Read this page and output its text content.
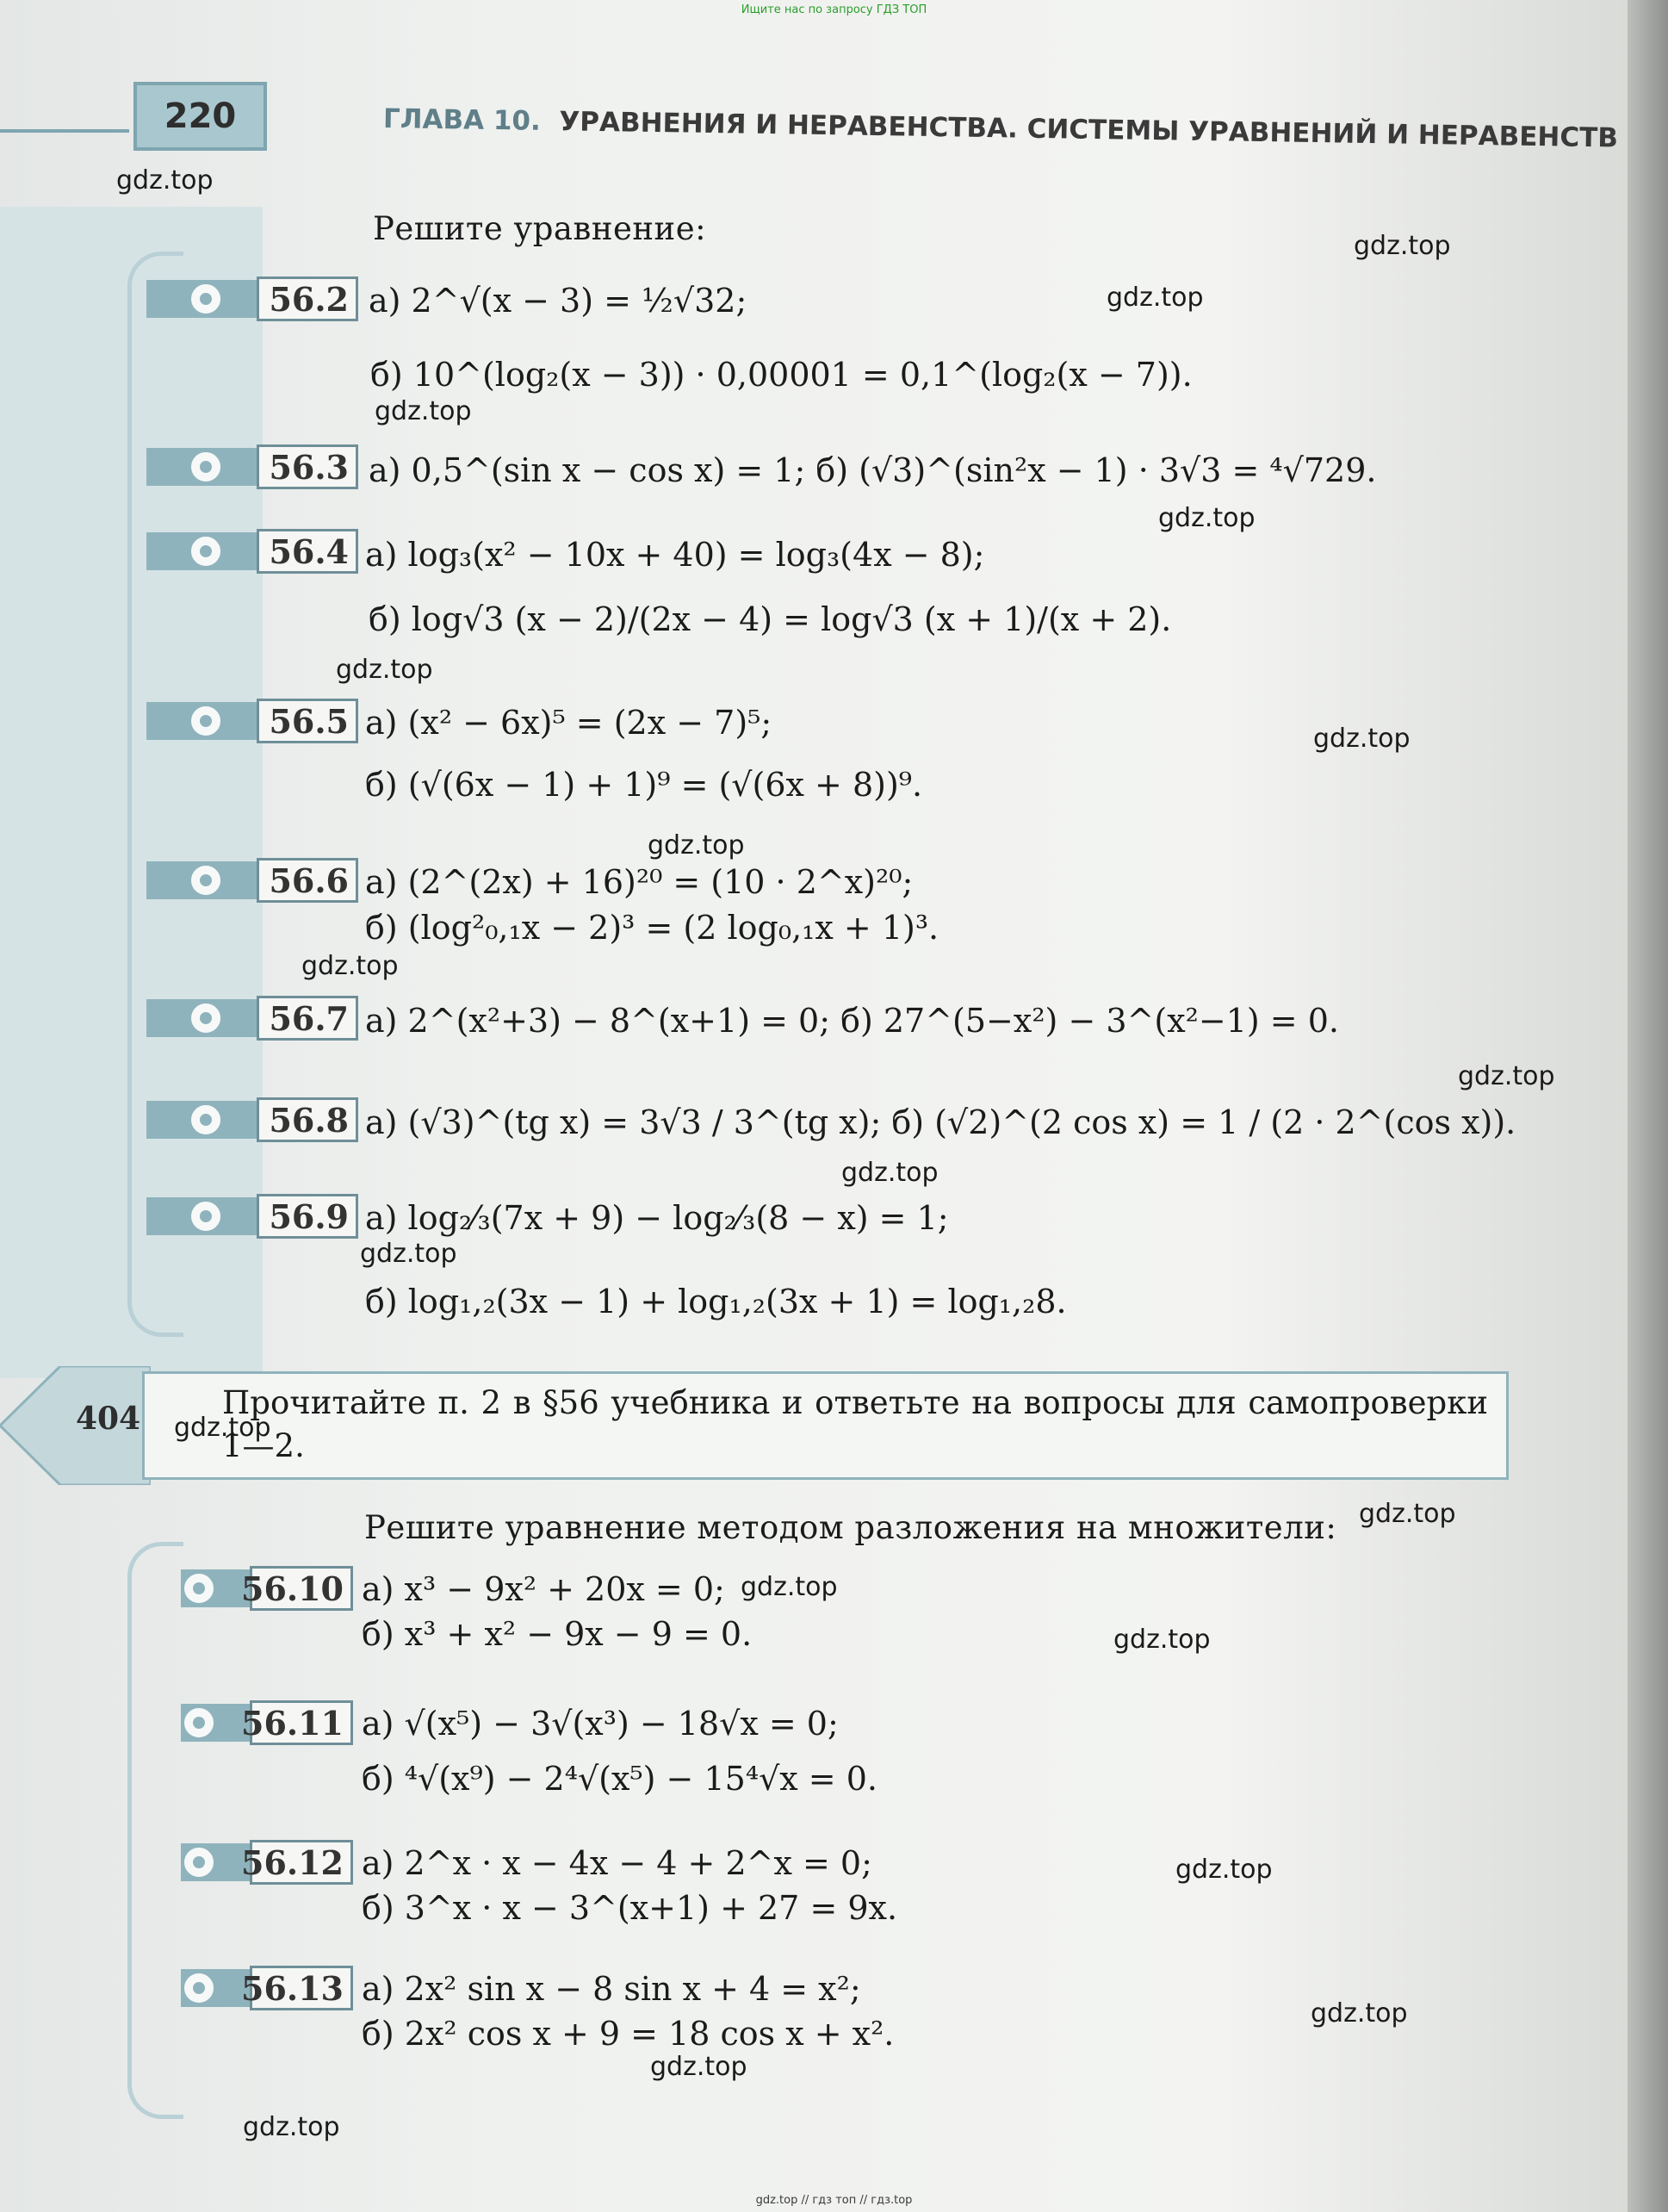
Ищите нас по запросу ГДЗ ТОП
220	ГЛАВА 10. УРАВНЕНИЯ И НЕРАВЕНСТВА. СИСТЕМЫ УРАВНЕНИЙ И НЕРАВЕНСТВ
Решите уравнение:
56.2 а) 2^√(x − 3) = ½√32;
б) 10^(log₂(x − 3)) · 0,00001 = 0,1^(log₂(x − 7)).
56.3 а) 0,5^(sin x − cos x) = 1; б) (√3)^(sin²x − 1) · 3√3 = ⁴√729.
56.4 а) log₃(x² − 10x + 40) = log₃(4x − 8);
б) log√3 (x − 2)/(2x − 4) = log√3 (x + 1)/(x + 2).
56.5 а) (x² − 6x)⁵ = (2x − 7)⁵;
б) (√(6x − 1) + 1)⁹ = (√(6x + 8))⁹.
56.6 а) (2^(2x) + 16)²⁰ = (10 · 2^x)²⁰;
б) (log²₀,₁x − 2)³ = (2 log₀,₁x + 1)³.
56.7 а) 2^(x²+3) − 8^(x+1) = 0; б) 27^(5−x²) − 3^(x²−1) = 0.
56.8 а) (√3)^(tg x) = 3√3 / 3^(tg x); б) (√2)^(2 cos x) = 1 / (2 · 2^(cos x)).
56.9 а) log₂⁄₃(7x + 9) − log₂⁄₃(8 − x) = 1;
б) log₁,₂(3x − 1) + log₁,₂(3x + 1) = log₁,₂8.
404	Прочитайте п. 2 в §56 учебника и ответьте на вопросы для самопроверки 1—2.
Решите уравнение методом разложения на множители:
56.10 а) x³ − 9x² + 20x = 0;
б) x³ + x² − 9x − 9 = 0.
56.11 а) √(x⁵) − 3√(x³) − 18√x = 0;
б) ⁴√(x⁹) − 2⁴√(x⁵) − 15⁴√x = 0.
56.12 а) 2^x · x − 4x − 4 + 2^x = 0;
б) 3^x · x − 3^(x+1) + 27 = 9x.
56.13 а) 2x² sin x − 8 sin x + 4 = x²;
б) 2x² cos x + 9 = 18 cos x + x².
gdz.top
gdz.top
gdz.top
gdz.top
gdz.top
gdz.top
gdz.top
gdz.top
gdz.top
gdz.top
gdz.top
gdz.top
gdz.top
gdz.top
gdz.top
gdz.top
gdz.top
gdz.top
gdz.top
gdz.top
gdz.top // гдз топ // гдз.top
